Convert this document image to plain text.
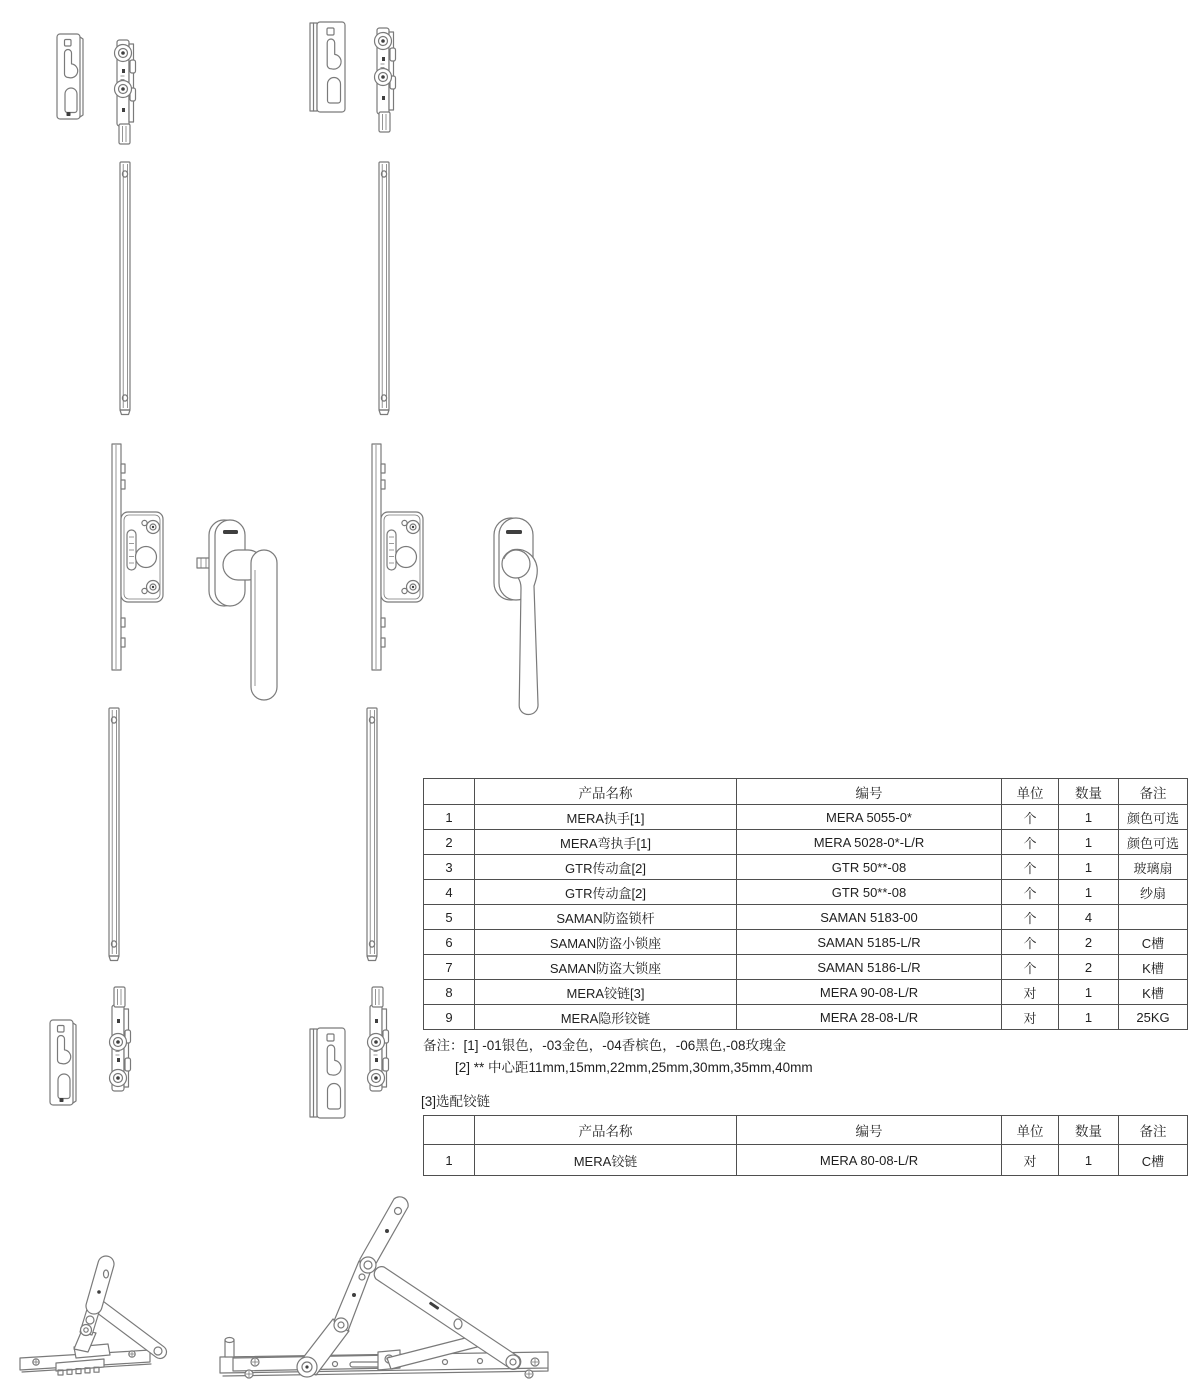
	产品名称	编号	单位	数量	备注
1	MERA执手[1]	MERA 5055-0*	个	1	颜色可选
2	MERA弯执手[1]	MERA 5028-0*-L/R	个	1	颜色可选
3	GTR传动盒[2]	GTR 50**-08	个	1	玻璃扇
4	GTR传动盒[2]	GTR 50**-08	个	1	纱扇
5	SAMAN防盗锁杆	SAMAN 5183-00	个	4	
6	SAMAN防盗小锁座	SAMAN 5185-L/R	个	2	C槽
7	SAMAN防盗大锁座	SAMAN 5186-L/R	个	2	K槽
8	MERA铰链[3]	MERA 90-08-L/R	对	1	K槽
9	MERA隐形铰链	MERA 28-08-L/R	对	1	25KG
备注：[1] -01银色，-03金色，-04香槟色，-06黑色,-08玫瑰金
[2] ** 中心距11mm,15mm,22mm,25mm,30mm,35mm,40mm
[3]选配铰链
	产品名称	编号	单位	数量	备注
1	MERA铰链	MERA 80-08-L/R	对	1	C槽
